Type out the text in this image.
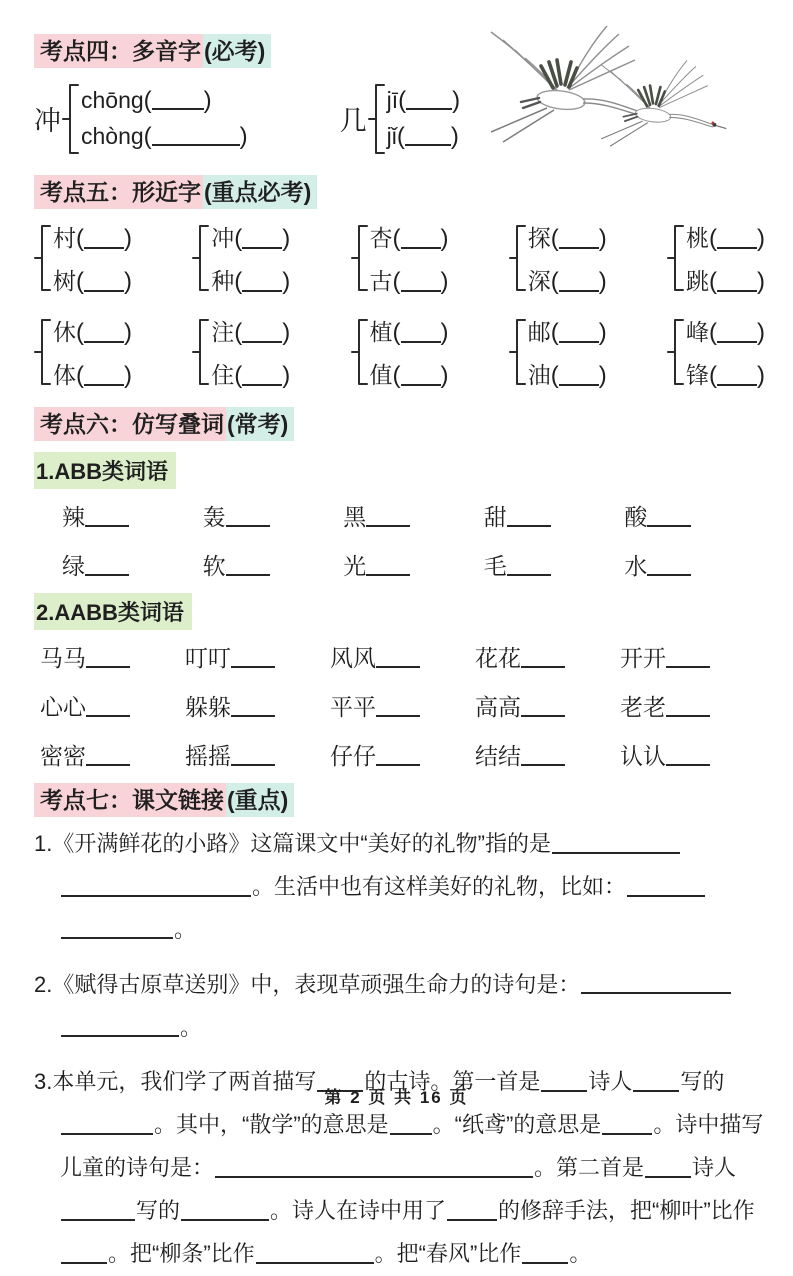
考点四：多音字 (必考)
冲
chōng( )
chòng(	)	几
jī( )
jǐ( )
考点五：形近字 (重点必考)
村( )
树( )
冲( )
种( )
杏( )
古( )
探( )
深( )
桃( )
跳( )
休( )
体( )
注( )
住( )
植( )
值( )
邮( )
油( )
峰( )
锋( )
考点六：仿写叠词 (常考)
1.ABB类词语
辣	轰	黑	甜	酸
绿	软	光	毛	水
2.AABB类词语
马马	叮叮	风风	花花	开开
心心	躲躲	平平	高高	老老
密密	摇摇	仔仔	结结	认认
考点七：课文链接 (重点)
1.《开满鲜花的小路》这篇课文中“美好的礼物”指的是。生活中也有这样美好的礼物，比如：。
2.《赋得古原草送别》中，表现草顽强生命力的诗句是：。
3.本单元，我们学了两首描写 的古诗。第一首是 诗人 写的。其中，“散学”的意思是 。“纸鸢”的意思是 。诗中描写儿童的诗句是：	。第二首是 诗人写的	。诗人在诗中用了 的修辞手法，把“柳叶”比作。把“柳条”比作	。把“春风”比作 。
第 2 页 共 16 页
